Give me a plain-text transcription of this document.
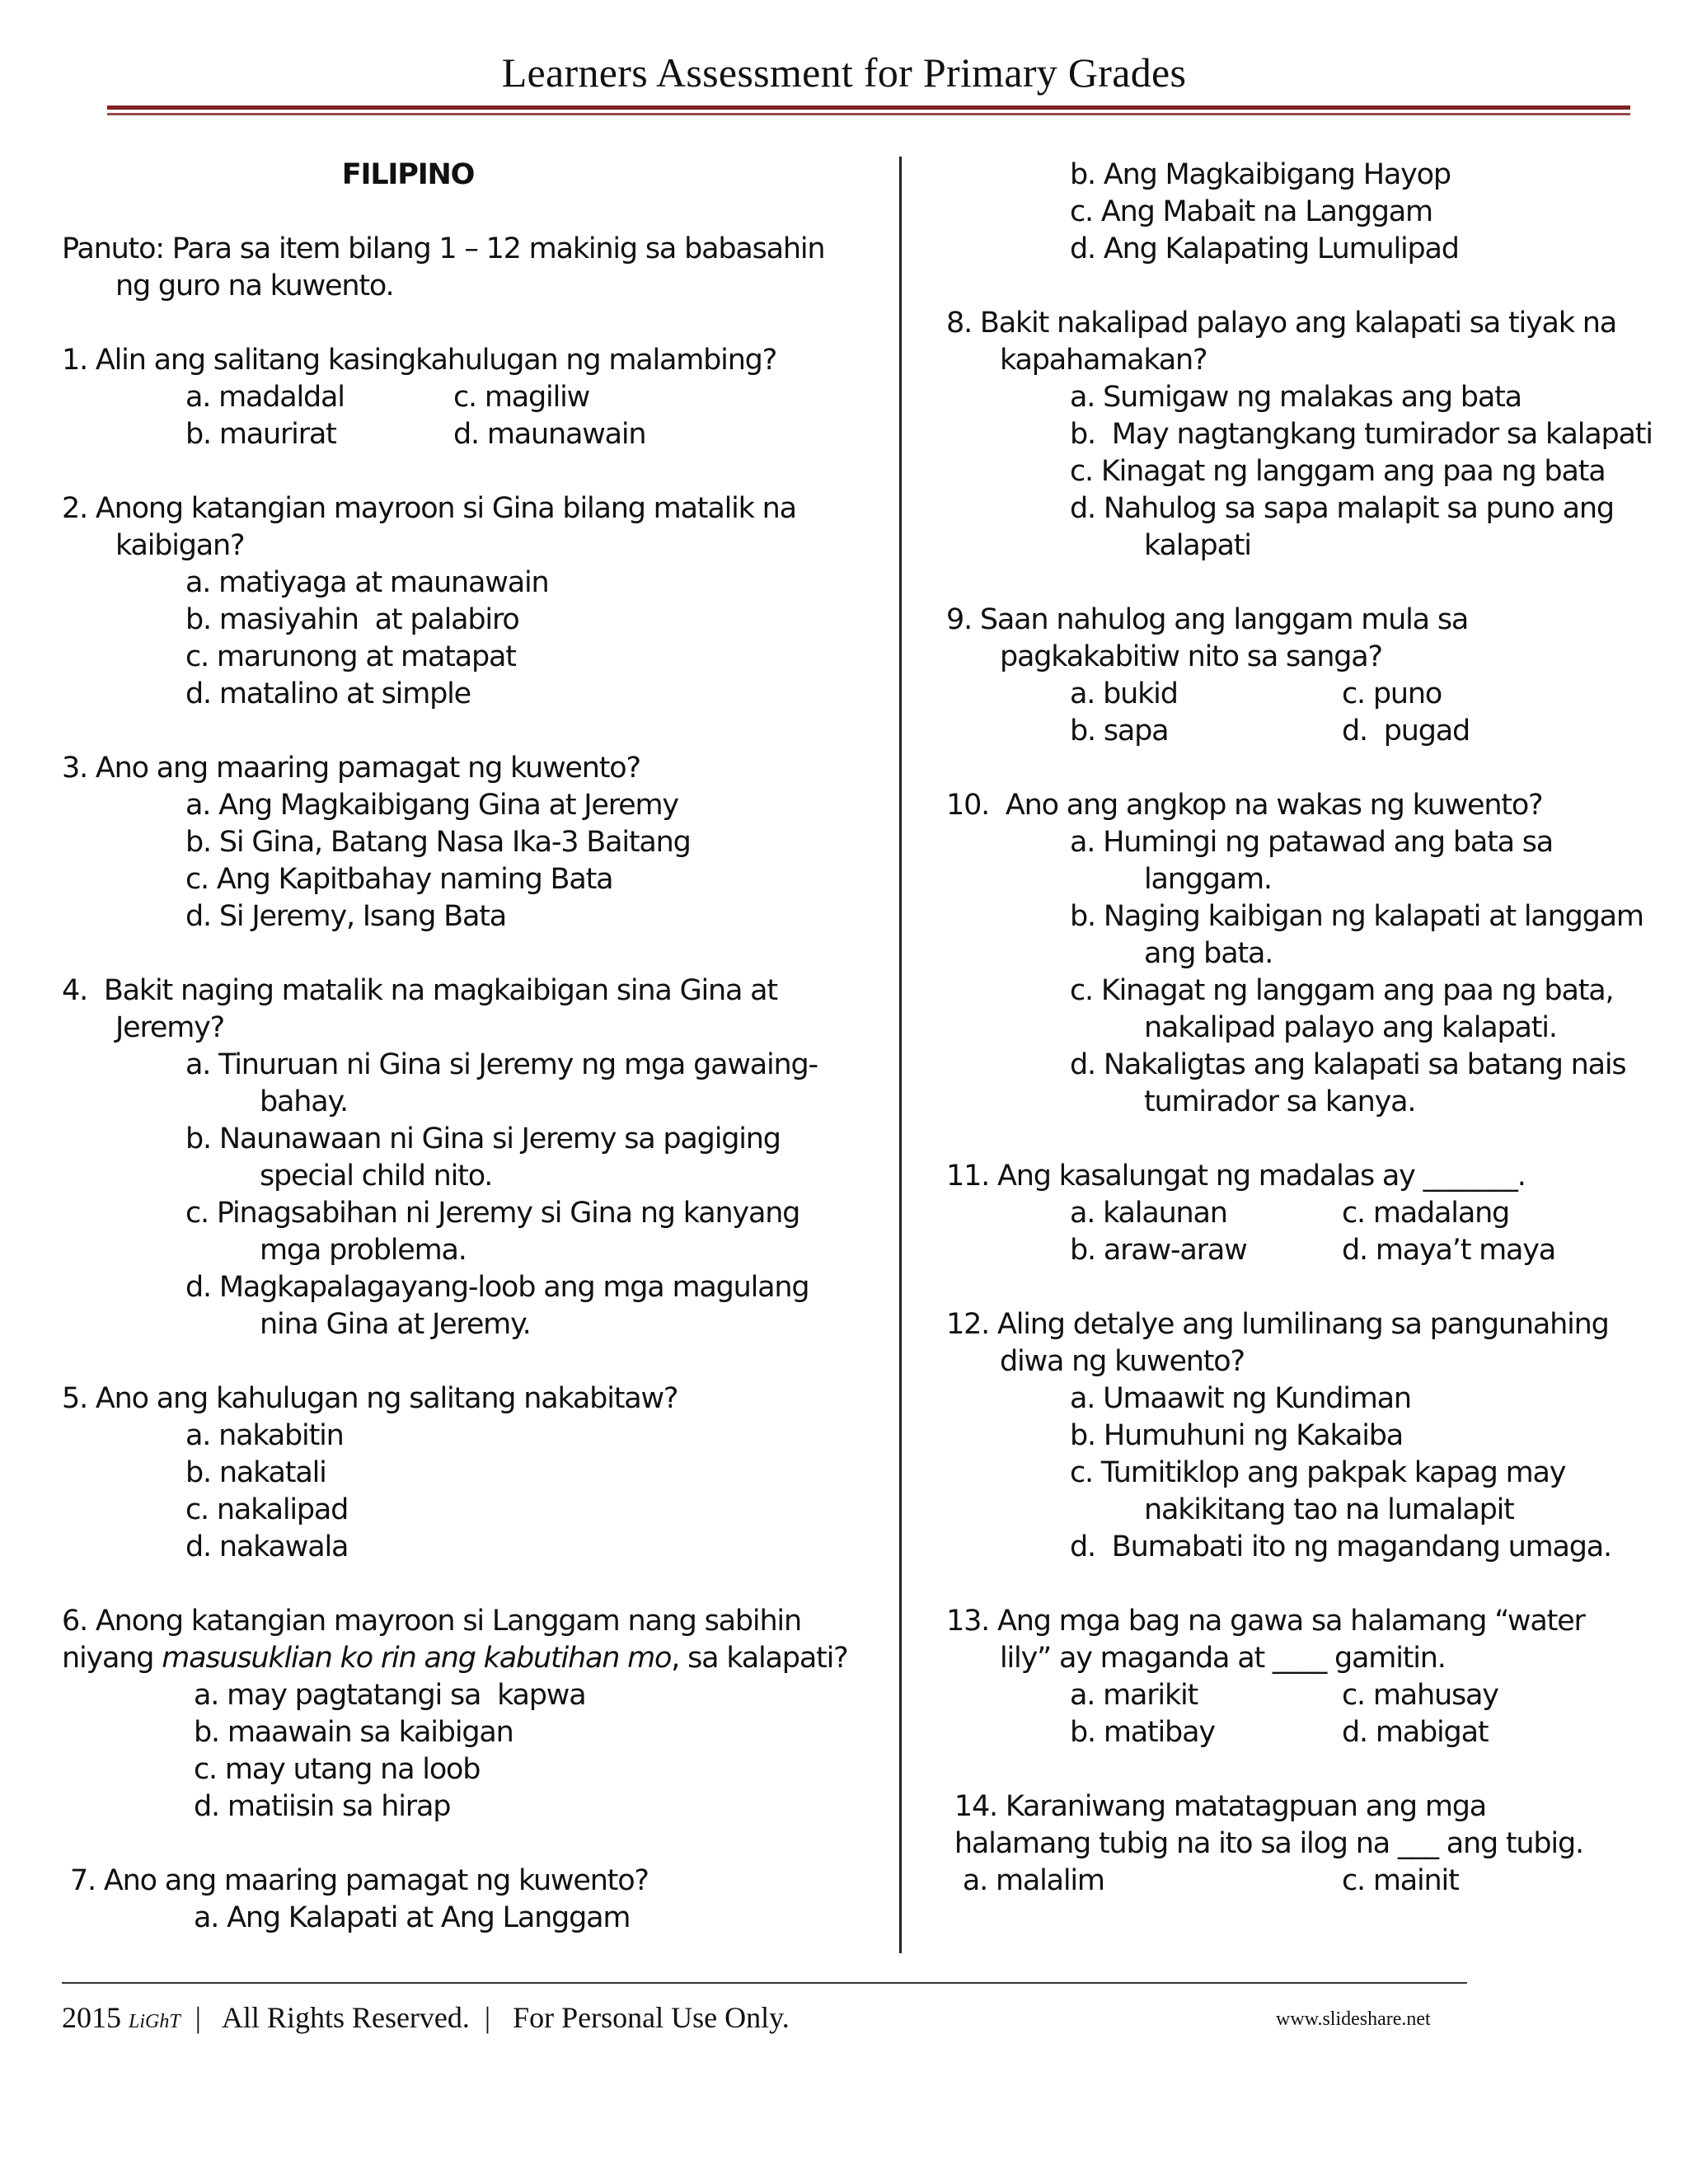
Learners Assessment for Primary Grades
FILIPINO
Panuto: Para sa item bilang 1 – 12 makinig sa babasahin
ng guro na kuwento.
1. Alin ang salitang kasingkahulugan ng malambing?
a. madaldal	c. magiliw
b. maurirat	d. maunawain
2. Anong katangian mayroon si Gina bilang matalik na
kaibigan?
a. matiyaga at maunawain
b. masiyahin  at palabiro
c. marunong at matapat
d. matalino at simple
3. Ano ang maaring pamagat ng kuwento?
a. Ang Magkaibigang Gina at Jeremy
b. Si Gina, Batang Nasa Ika-3 Baitang
c. Ang Kapitbahay naming Bata
d. Si Jeremy, Isang Bata
4.  Bakit naging matalik na magkaibigan sina Gina at
Jeremy?
a. Tinuruan ni Gina si Jeremy ng mga gawaing-
bahay.
b. Naunawaan ni Gina si Jeremy sa pagiging
special child nito.
c. Pinagsabihan ni Jeremy si Gina ng kanyang
mga problema.
d. Magkapalagayang-loob ang mga magulang
nina Gina at Jeremy.
5. Ano ang kahulugan ng salitang nakabitaw?
a. nakabitin
b. nakatali
c. nakalipad
d. nakawala
6. Anong katangian mayroon si Langgam nang sabihin
niyang masusuklian ko rin ang kabutihan mo, sa kalapati?
a. may pagtatangi sa  kapwa
b. maawain sa kaibigan
c. may utang na loob
d. matiisin sa hirap
7. Ano ang maaring pamagat ng kuwento?
a. Ang Kalapati at Ang Langgam
b. Ang Magkaibigang Hayop
c. Ang Mabait na Langgam
d. Ang Kalapating Lumulipad
8. Bakit nakalipad palayo ang kalapati sa tiyak na
kapahamakan?
a. Sumigaw ng malakas ang bata
b.  May nagtangkang tumirador sa kalapati
c. Kinagat ng langgam ang paa ng bata
d. Nahulog sa sapa malapit sa puno ang
kalapati
9. Saan nahulog ang langgam mula sa
pagkakabitiw nito sa sanga?
a. bukid	c. puno
b. sapa	d.  pugad
10.  Ano ang angkop na wakas ng kuwento?
a. Humingi ng patawad ang bata sa
langgam.
b. Naging kaibigan ng kalapati at langgam
ang bata.
c. Kinagat ng langgam ang paa ng bata,
nakalipad palayo ang kalapati.
d. Nakaligtas ang kalapati sa batang nais
tumirador sa kanya.
11. Ang kasalungat ng madalas ay _______.
a. kalaunan	c. madalang
b. araw-araw	d. maya’t maya
12. Aling detalye ang lumilinang sa pangunahing
diwa ng kuwento?
a. Umaawit ng Kundiman
b. Humuhuni ng Kakaiba
c. Tumitiklop ang pakpak kapag may
nakikitang tao na lumalapit
d.  Bumabati ito ng magandang umaga.
13. Ang mga bag na gawa sa halamang “water
lily” ay maganda at ____ gamitin.
a. marikit	c. mahusay
b. matibay	d. mabigat
14. Karaniwang matatagpuan ang mga
halamang tubig na ito sa ilog na ___ ang tubig.
a. malalim	c. mainit
2015 LiGhT  |   All Rights Reserved.  |   For Personal Use Only.	www.slideshare.net
